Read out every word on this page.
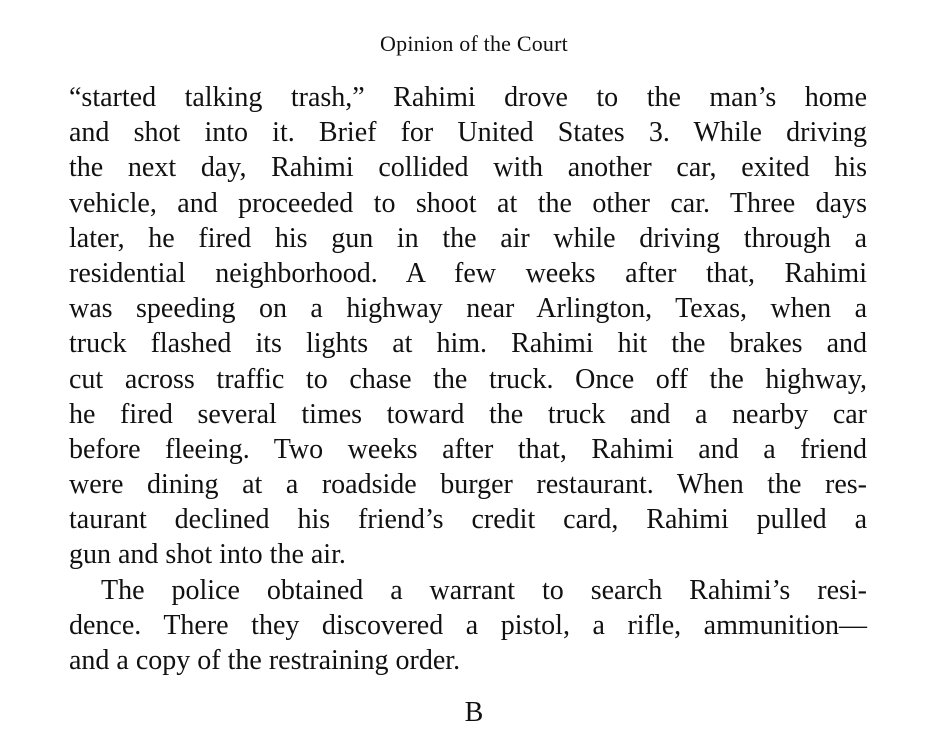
Opinion of the Court
“started talking trash,” Rahimi drove to the man’s home
and shot into it. Brief for United States 3. While driving
the next day, Rahimi collided with another car, exited his
vehicle, and proceeded to shoot at the other car. Three days
later, he fired his gun in the air while driving through a
residential neighborhood. A few weeks after that, Rahimi
was speeding on a highway near Arlington, Texas, when a
truck flashed its lights at him. Rahimi hit the brakes and
cut across traffic to chase the truck. Once off the highway,
he fired several times toward the truck and a nearby car
before fleeing. Two weeks after that, Rahimi and a friend
were dining at a roadside burger restaurant. When the res-
taurant declined his friend’s credit card, Rahimi pulled a
gun and shot into the air.
The police obtained a warrant to search Rahimi’s resi-
dence. There they discovered a pistol, a rifle, ammunition—
and a copy of the restraining order.
B
